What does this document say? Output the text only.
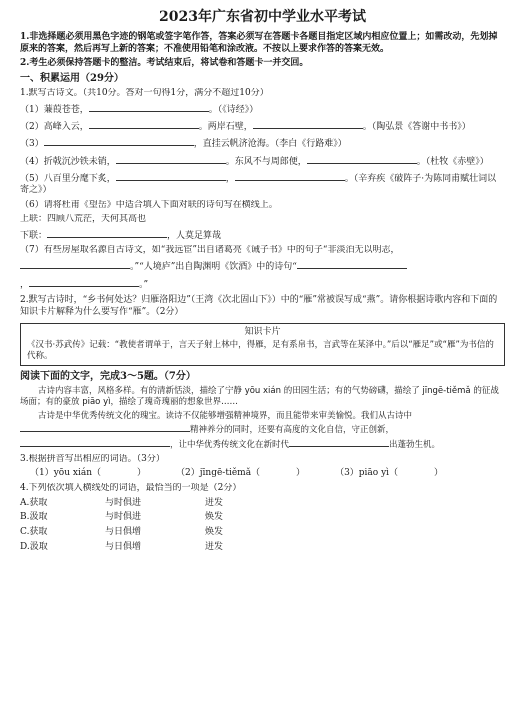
2023年广东省初中学业水平考试
1.非选择题必须用黑色字迹的钢笔或签字笔作答，答案必须写在答题卡各题目指定区域内相应位置上；如需改动，先划掉原来的答案，然后再写上新的答案；不准使用铅笔和涂改液。不按以上要求作答的答案无效。
2.考生必须保持答题卡的整洁。考试结束后，将试卷和答题卡一并交回。
一、积累运用（29分）
1.默写古诗文。（共10分。答对一句得1分，满分不超过10分）
（1）蒹葭苍苍，	。（《诗经》）
（2）高峰入云，	。两岸石壁，	。（陶弘景《答谢中书书》）
（3）	，直挂云帆济沧海。（李白《行路难》）
（4）折戟沉沙铁未销，	。东风不与周郎便，	。（杜牧《赤壁》）
（5）八百里分麾下炙，	，	。（辛弃疾《破阵子·为陈同甫赋壮词以寄之》）
（6）请将杜甫《望岳》中适合填入下面对联的诗句写在横线上。
上联：四顾八荒茫，天何其高也
下联：	，人莫足算哉
（7）有些房屋取名源自古诗文，如“我远宦”出自诸葛亮《诫子书》中的句子“非淡泊无以明志，
。”“人境庐”出自陶渊明《饮酒》中的诗句“
，	。”
2.默写古诗时，“乡书何处达？归雁洛阳边”（王湾《次北固山下》）中的“雁”常被误写成“燕”。请你根据诗歌内容和下面的知识卡片解释为什么要写作“雁”。（2分）
知识卡片

《汉书·苏武传》记载：“教使者谓单于，言天子射上林中，得雁，足有系帛书，言武等在某泽中。”后以“雁足”或“雁”为书信的代称。

阅读下面的文字，完成3～5题。（7分）

古诗内容丰富，风格多样。有的清新恬淡，描绘了宁静 yōu xián 的田园生活；有的气势磅礴，描绘了 jīngē-tiěmǎ 的征战场面；有的豪放 piāo yì，描绘了瑰奇瑰丽的想象世界……

古诗是中华优秀传统文化的瑰宝。读诗不仅能够增强精神境界，而且能带来审美愉悦。我们从古诗中精神养分的同时，还要有高度的文化自信，守正创新，，让中华优秀传统文化在新时代	出蓬勃生机。

3.根据拼音写出相应的词语。（3分）
（1）yōu xián（　　　　）	（2）jīngē-tiěmǎ（　　　　）	（3）piāo yì（　　　　）
4.下列依次填入横线处的词语，最恰当的一项是（2分）
A.获取	与时俱进	迸发
B.汲取	与时俱进	焕发
C.获取	与日俱增	焕发
D.汲取	与日俱增	迸发
